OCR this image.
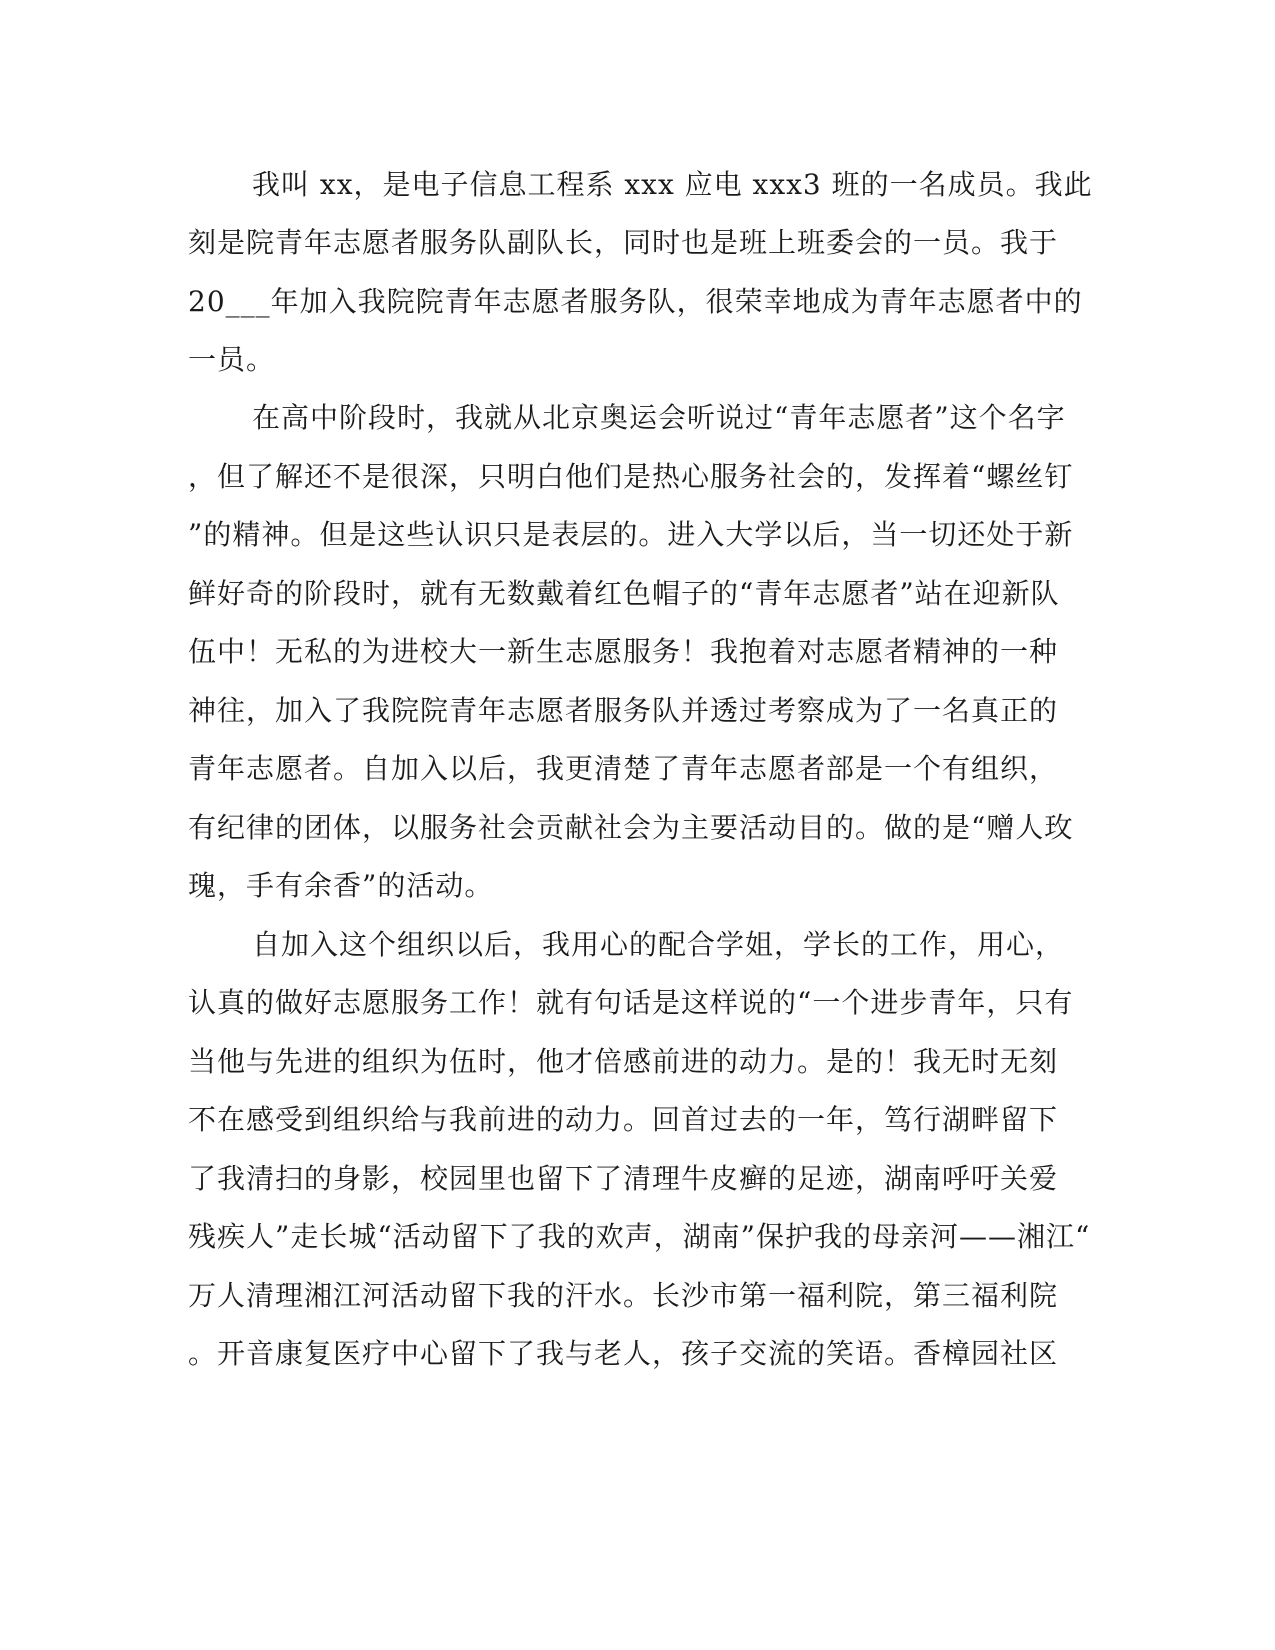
我叫 xx，是电子信息工程系 xxx 应电 xxx3 班的一名成员。我此
刻是院青年志愿者服务队副队长，同时也是班上班委会的一员。我于
20___年加入我院院青年志愿者服务队，很荣幸地成为青年志愿者中的
一员。
在高中阶段时，我就从北京奥运会听说过“青年志愿者”这个名字
，但了解还不是很深，只明白他们是热心服务社会的，发挥着“螺丝钉
”的精神。但是这些认识只是表层的。进入大学以后，当一切还处于新
鲜好奇的阶段时，就有无数戴着红色帽子的“青年志愿者”站在迎新队
伍中！无私的为进校大一新生志愿服务！我抱着对志愿者精神的一种
神往，加入了我院院青年志愿者服务队并透过考察成为了一名真正的
青年志愿者。自加入以后，我更清楚了青年志愿者部是一个有组织，
有纪律的团体，以服务社会贡献社会为主要活动目的。做的是“赠人玫
瑰，手有余香”的活动。
自加入这个组织以后，我用心的配合学姐，学长的工作，用心，
认真的做好志愿服务工作！就有句话是这样说的“一个进步青年，只有
当他与先进的组织为伍时，他才倍感前进的动力。是的！我无时无刻
不在感受到组织给与我前进的动力。回首过去的一年，笃行湖畔留下
了我清扫的身影，校园里也留下了清理牛皮癣的足迹，湖南呼吁关爱
残疾人”走长城“活动留下了我的欢声，湖南”保护我的母亲河——湘江“
万人清理湘江河活动留下我的汗水。长沙市第一福利院，第三福利院
。开音康复医疗中心留下了我与老人，孩子交流的笑语。香樟园社区
